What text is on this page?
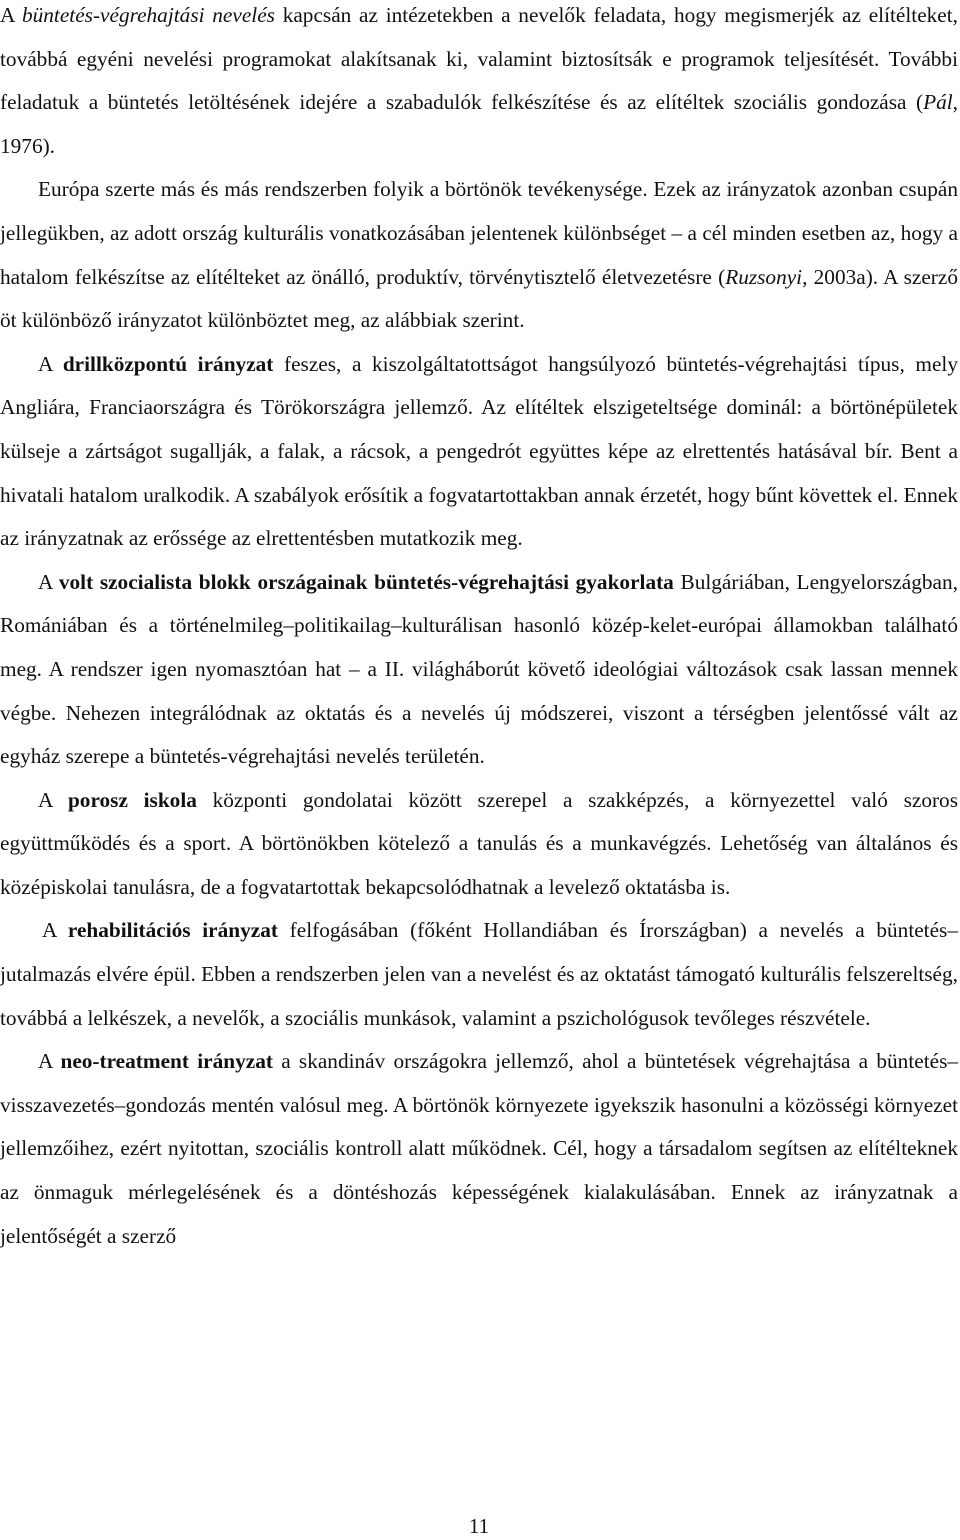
A büntetés-végrehajtási nevelés kapcsán az intézetekben a nevelők feladata, hogy megismerjék az elítélteket, továbbá egyéni nevelési programokat alakítsanak ki, valamint biztosítsák e programok teljesítését. További feladatuk a büntetés letöltésének idejére a szabadulók felkészítése és az elítéltek szociális gondozása (Pál, 1976).

Európa szerte más és más rendszerben folyik a börtönök tevékenysége. Ezek az irányzatok azonban csupán jellegükben, az adott ország kulturális vonatkozásában jelentenek különbséget – a cél minden esetben az, hogy a hatalom felkészítse az elítélteket az önálló, produktív, törvénytisztelő életvezetésre (Ruzsonyi, 2003a). A szerző öt különböző irányzatot különböztet meg, az alábbiak szerint.

A drillközpontú irányzat feszes, a kiszolgáltatottságot hangsúlyozó büntetés-végrehajtási típus, mely Angliára, Franciaországra és Törökországra jellemző. Az elítéltek elszigeteltsége dominál: a börtönépületek külseje a zártságot sugallják, a falak, a rácsok, a pengedrót együttes képe az elrettentés hatásával bír. Bent a hivatali hatalom uralkodik. A szabályok erősítik a fogvatartottakban annak érzetét, hogy bűnt követtek el. Ennek az irányzatnak az erőssége az elrettentésben mutatkozik meg.

A volt szocialista blokk országainak büntetés-végrehajtási gyakorlata Bulgáriában, Lengyelországban, Romániában és a történelmileg–politikailag–kulturálisan hasonló közép-kelet-európai államokban található meg. A rendszer igen nyomasztóan hat – a II. világháborút követő ideológiai változások csak lassan mennek végbe. Nehezen integrálódnak az oktatás és a nevelés új módszerei, viszont a térségben jelentőssé vált az egyház szerepe a büntetés-végrehajtási nevelés területén.

A porosz iskola központi gondolatai között szerepel a szakképzés, a környezettel való szoros együttműködés és a sport. A börtönökben kötelező a tanulás és a munkavégzés. Lehetőség van általános és középiskolai tanulásra, de a fogvatartottak bekapcsolódhatnak a levelező oktatásba is.

A rehabilitációs irányzat felfogásában (főként Hollandiában és Írországban) a nevelés a büntetés–jutalmazás elvére épül. Ebben a rendszerben jelen van a nevelést és az oktatást támogató kulturális felszereltség, továbbá a lelkészek, a nevelők, a szociális munkások, valamint a pszichológusok tevőleges részvétele.

A neo-treatment irányzat a skandináv országokra jellemző, ahol a büntetések végrehajtása a büntetés–visszavezetés–gondozás mentén valósul meg. A börtönök környezete igyekszik hasonulni a közösségi környezet jellemzőihez, ezért nyitottan, szociális kontroll alatt működnek. Cél, hogy a társadalom segítsen az elítélteknek az önmaguk mérlegelésének és a döntéshozás képességének kialakulásában. Ennek az irányzatnak a jelentőségét a szerző

11
